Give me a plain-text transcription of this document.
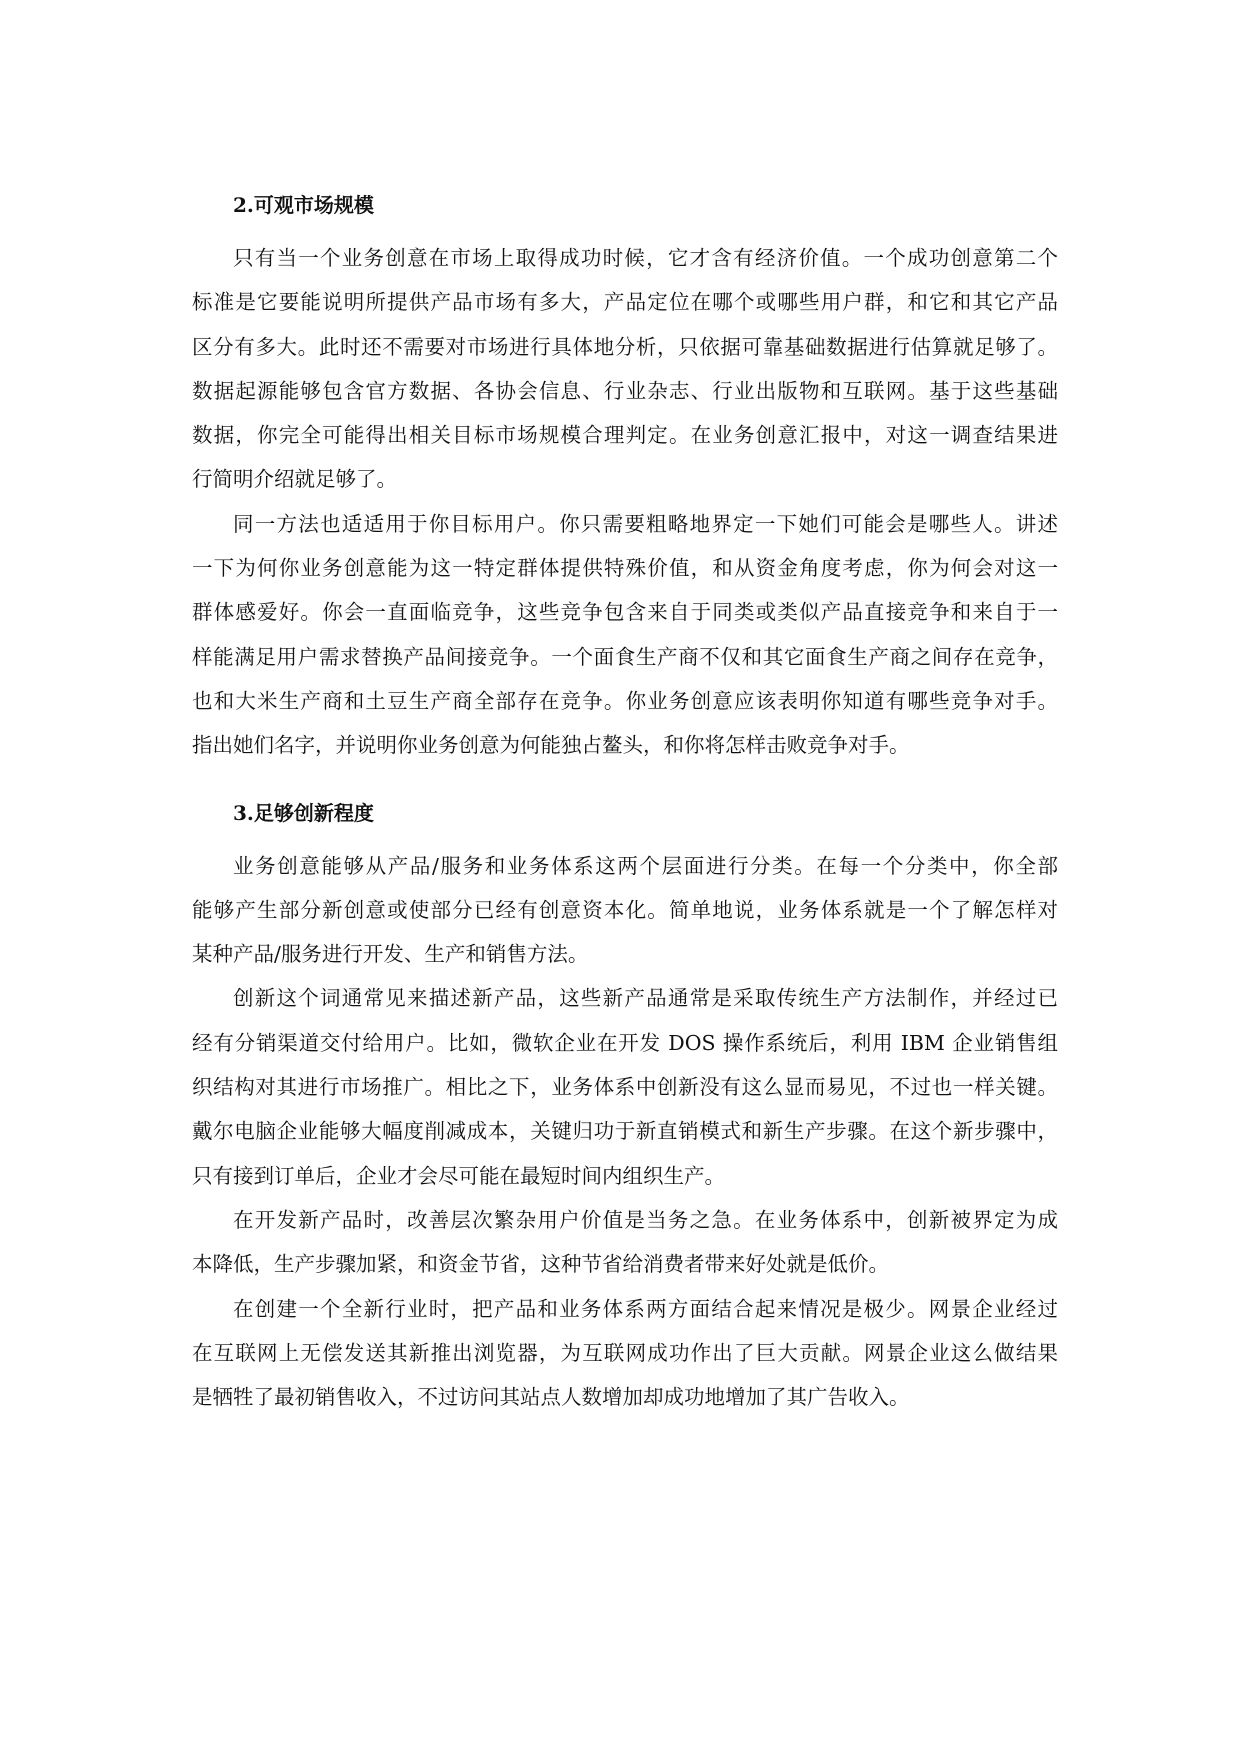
2.可观市场规模

只有当一个业务创意在市场上取得成功时候，它才含有经济价值。一个成功创意第二个
标准是它要能说明所提供产品市场有多大，产品定位在哪个或哪些用户群，和它和其它产品
区分有多大。此时还不需要对市场进行具体地分析，只依据可靠基础数据进行估算就足够了。
数据起源能够包含官方数据、各协会信息、行业杂志、行业出版物和互联网。基于这些基础
数据，你完全可能得出相关目标市场规模合理判定。在业务创意汇报中，对这一调查结果进
行简明介绍就足够了。

同一方法也适适用于你目标用户。你只需要粗略地界定一下她们可能会是哪些人。讲述
一下为何你业务创意能为这一特定群体提供特殊价值，和从资金角度考虑，你为何会对这一
群体感爱好。你会一直面临竞争，这些竞争包含来自于同类或类似产品直接竞争和来自于一
样能满足用户需求替换产品间接竞争。一个面食生产商不仅和其它面食生产商之间存在竞争，
也和大米生产商和土豆生产商全部存在竞争。你业务创意应该表明你知道有哪些竞争对手。
指出她们名字，并说明你业务创意为何能独占鳌头，和你将怎样击败竞争对手。

3.足够创新程度

业务创意能够从产品/服务和业务体系这两个层面进行分类。在每一个分类中，你全部
能够产生部分新创意或使部分已经有创意资本化。简单地说，业务体系就是一个了解怎样对
某种产品/服务进行开发、生产和销售方法。

创新这个词通常见来描述新产品，这些新产品通常是采取传统生产方法制作，并经过已
经有分销渠道交付给用户。比如，微软企业在开发 DOS 操作系统后，利用 IBM 企业销售组
织结构对其进行市场推广。相比之下，业务体系中创新没有这么显而易见，不过也一样关键。
戴尔电脑企业能够大幅度削减成本，关键归功于新直销模式和新生产步骤。在这个新步骤中，
只有接到订单后，企业才会尽可能在最短时间内组织生产。

在开发新产品时，改善层次繁杂用户价值是当务之急。在业务体系中，创新被界定为成
本降低，生产步骤加紧，和资金节省，这种节省给消费者带来好处就是低价。

在创建一个全新行业时，把产品和业务体系两方面结合起来情况是极少。网景企业经过
在互联网上无偿发送其新推出浏览器，为互联网成功作出了巨大贡献。网景企业这么做结果
是牺牲了最初销售收入，不过访问其站点人数增加却成功地增加了其广告收入。
